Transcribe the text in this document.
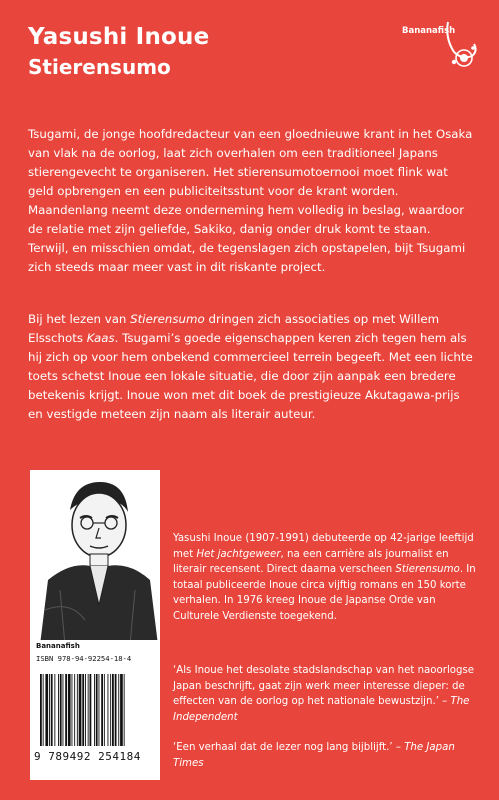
Yasushi Inoue
Stierensumo
Bananafish

Tsugami, de jonge hoofdredacteur van een gloednieuwe krant in het Osaka van vlak na de oorlog, laat zich overhalen om een traditioneel Japans stierengevecht te organiseren. Het stierensumotoernooi moet flink wat geld opbrengen en een publiciteitsstunt voor de krant worden. Maandenlang neemt deze onderneming hem volledig in beslag, waardoor de relatie met zijn geliefde, Sakiko, danig onder druk komt te staan. Terwijl, en misschien omdat, de tegenslagen zich opstapelen, bijt Tsugami zich steeds maar meer vast in dit riskante project.

Bij het lezen van Stierensumo dringen zich associaties op met Willem Elsschots Kaas. Tsugami’s goede eigenschappen keren zich tegen hem als hij zich op voor hem onbekend commercieel terrein begeeft. Met een lichte toets schetst Inoue een lokale situatie, die door zijn aanpak een bredere betekenis krijgt. Inoue won met dit boek de prestigieuze Akutagawa-prijs en vestigde meteen zijn naam als literair auteur.

Bananafish
ISBN 978-94-92254-18-4
9 789492 254184

Yasushi Inoue (1907-1991) debuteerde op 42-jarige leeftijd met Het jachtgeweer, na een carrière als journalist en literair recensent. Direct daarna verscheen Stierensumo. In totaal publiceerde Inoue circa vijftig romans en 150 korte verhalen. In 1976 kreeg Inoue de Japanse Orde van Culturele Verdienste toegekend.

‘Als Inoue het desolate stadslandschap van het naoorlogse Japan beschrijft, gaat zijn werk meer interesse dieper: de effecten van de oorlog op het nationale bewustzijn.’ – The Independent

‘Een verhaal dat de lezer nog lang bijblijft.’ – The Japan Times
